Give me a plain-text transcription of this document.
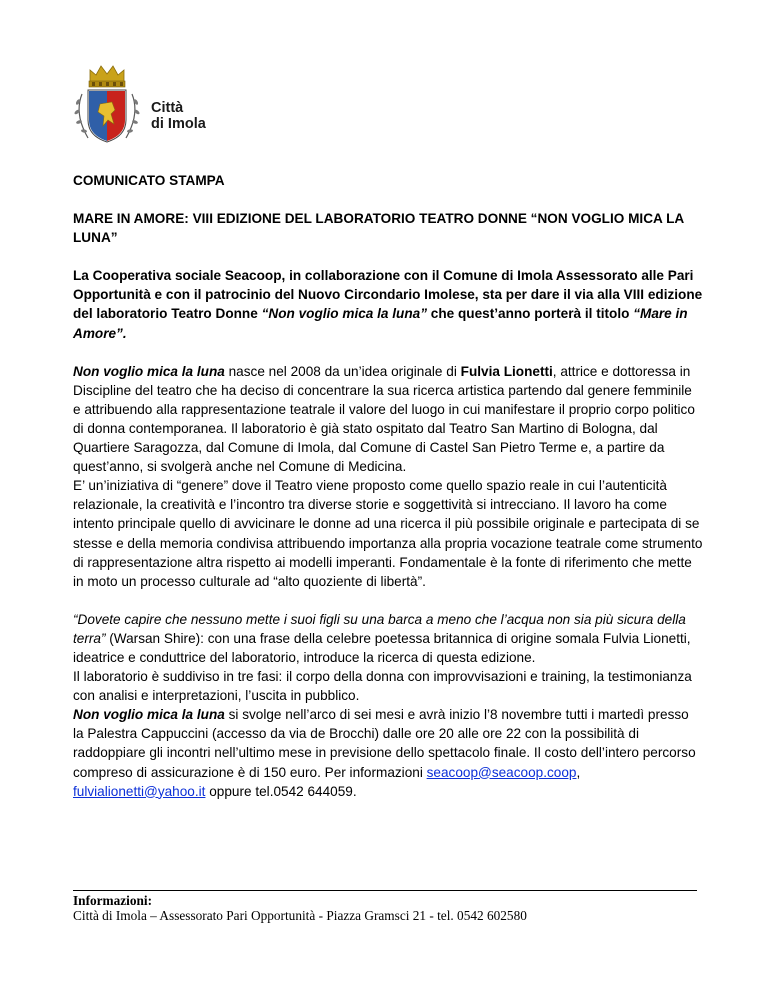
Città
di Imola

COMUNICATO STAMPA

MARE IN AMORE: VIII EDIZIONE DEL LABORATORIO TEATRO DONNE “NON VOGLIO MICA LA LUNA”

La Cooperativa sociale Seacoop, in collaborazione con il Comune di Imola Assessorato alle Pari Opportunità e con il patrocinio del Nuovo Circondario Imolese, sta per dare il via alla VIII edizione del laboratorio Teatro Donne “Non voglio mica la luna” che quest’anno porterà il titolo “Mare in Amore”.

Non voglio mica la luna nasce nel 2008 da un’idea originale di Fulvia Lionetti, attrice e dottoressa in Discipline del teatro che ha deciso di concentrare la sua ricerca artistica partendo dal genere femminile e attribuendo alla rappresentazione teatrale il valore del luogo in cui manifestare il proprio corpo politico di donna contemporanea. Il laboratorio è già stato ospitato dal Teatro San Martino di Bologna, dal Quartiere Saragozza, dal Comune di Imola, dal Comune di Castel San Pietro Terme e, a partire da quest’anno, si svolgerà anche nel Comune di Medicina.

E’ un’iniziativa di “genere” dove il Teatro viene proposto come quello spazio reale in cui l’autenticità relazionale, la creatività e l’incontro tra diverse storie e soggettività si intrecciano. Il lavoro ha come intento principale quello di avvicinare le donne ad una ricerca il più possibile originale e partecipata di se stesse e della memoria condivisa attribuendo importanza alla propria vocazione teatrale come strumento di rappresentazione altra rispetto ai modelli imperanti. Fondamentale è la fonte di riferimento che mette in moto un processo culturale ad “alto quoziente di libertà”.

“Dovete capire che nessuno mette i suoi figli su una barca a meno che l’acqua non sia più sicura della terra” (Warsan Shire): con una frase della celebre poetessa britannica di origine somala Fulvia Lionetti, ideatrice e conduttrice del laboratorio, introduce la ricerca di questa edizione.

Il laboratorio è suddiviso in tre fasi: il corpo della donna con improvvisazioni e training, la testimonianza con analisi e interpretazioni, l’uscita in pubblico.

Non voglio mica la luna si svolge nell’arco di sei mesi e avrà inizio l’8 novembre tutti i martedì presso la Palestra Cappuccini (accesso da via de Brocchi) dalle ore 20 alle ore 22 con la possibilità di raddoppiare gli incontri nell’ultimo mese in previsione dello spettacolo finale. Il costo dell’intero percorso compreso di assicurazione è di 150 euro. Per informazioni seacoop@seacoop.coop, fulvialionetti@yahoo.it oppure tel.0542 644059.

Informazioni:
Città di Imola – Assessorato Pari Opportunità - Piazza Gramsci 21 - tel. 0542 602580
